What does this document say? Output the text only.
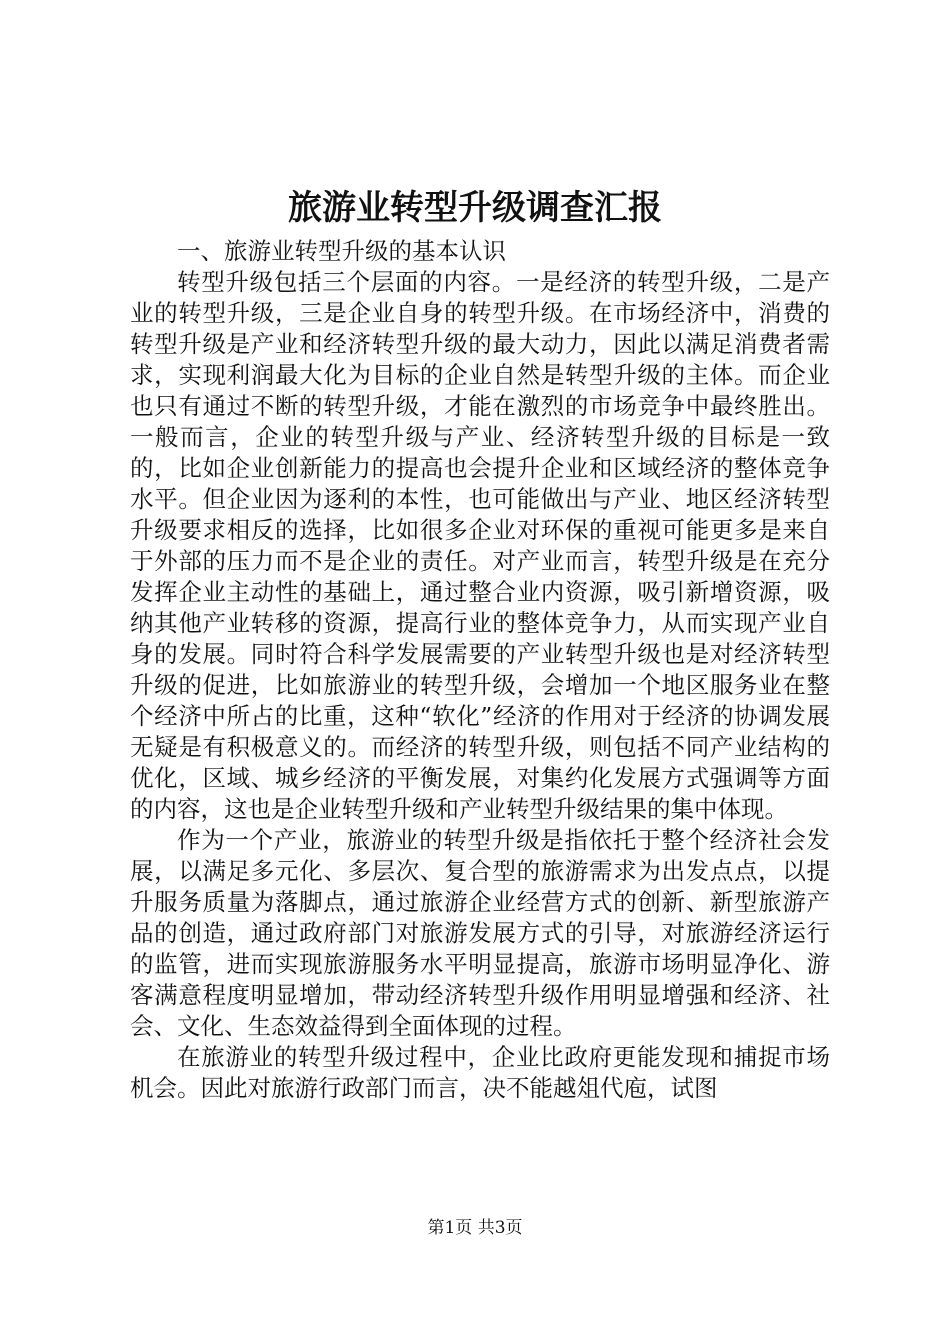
旅游业转型升级调查汇报

一、旅游业转型升级的基本认识

转型升级包括三个层面的内容。一是经济的转型升级，二是产业的转型升级，三是企业自身的转型升级。在市场经济中，消费的转型升级是产业和经济转型升级的最大动力，因此以满足消费者需求，实现利润最大化为目标的企业自然是转型升级的主体。而企业也只有通过不断的转型升级，才能在激烈的市场竞争中最终胜出。一般而言，企业的转型升级与产业、经济转型升级的目标是一致的，比如企业创新能力的提高也会提升企业和区域经济的整体竞争水平。但企业因为逐利的本性，也可能做出与产业、地区经济转型升级要求相反的选择，比如很多企业对环保的重视可能更多是来自于外部的压力而不是企业的责任。对产业而言，转型升级是在充分发挥企业主动性的基础上，通过整合业内资源，吸引新增资源，吸纳其他产业转移的资源，提高行业的整体竞争力，从而实现产业自身的发展。同时符合科学发展需要的产业转型升级也是对经济转型升级的促进，比如旅游业的转型升级，会增加一个地区服务业在整个经济中所占的比重，这种“软化”经济的作用对于经济的协调发展无疑是有积极意义的。而经济的转型升级，则包括不同产业结构的优化，区域、城乡经济的平衡发展，对集约化发展方式强调等方面的内容，这也是企业转型升级和产业转型升级结果的集中体现。

作为一个产业，旅游业的转型升级是指依托于整个经济社会发展，以满足多元化、多层次、复合型的旅游需求为出发点点，以提升服务质量为落脚点，通过旅游企业经营方式的创新、新型旅游产品的创造，通过政府部门对旅游发展方式的引导，对旅游经济运行的监管，进而实现旅游服务水平明显提高，旅游市场明显净化、游客满意程度明显增加，带动经济转型升级作用明显增强和经济、社会、文化、生态效益得到全面体现的过程。

在旅游业的转型升级过程中，企业比政府更能发现和捕捉市场机会。因此对旅游行政部门而言，决不能越俎代庖，试图

第1页 共3页
